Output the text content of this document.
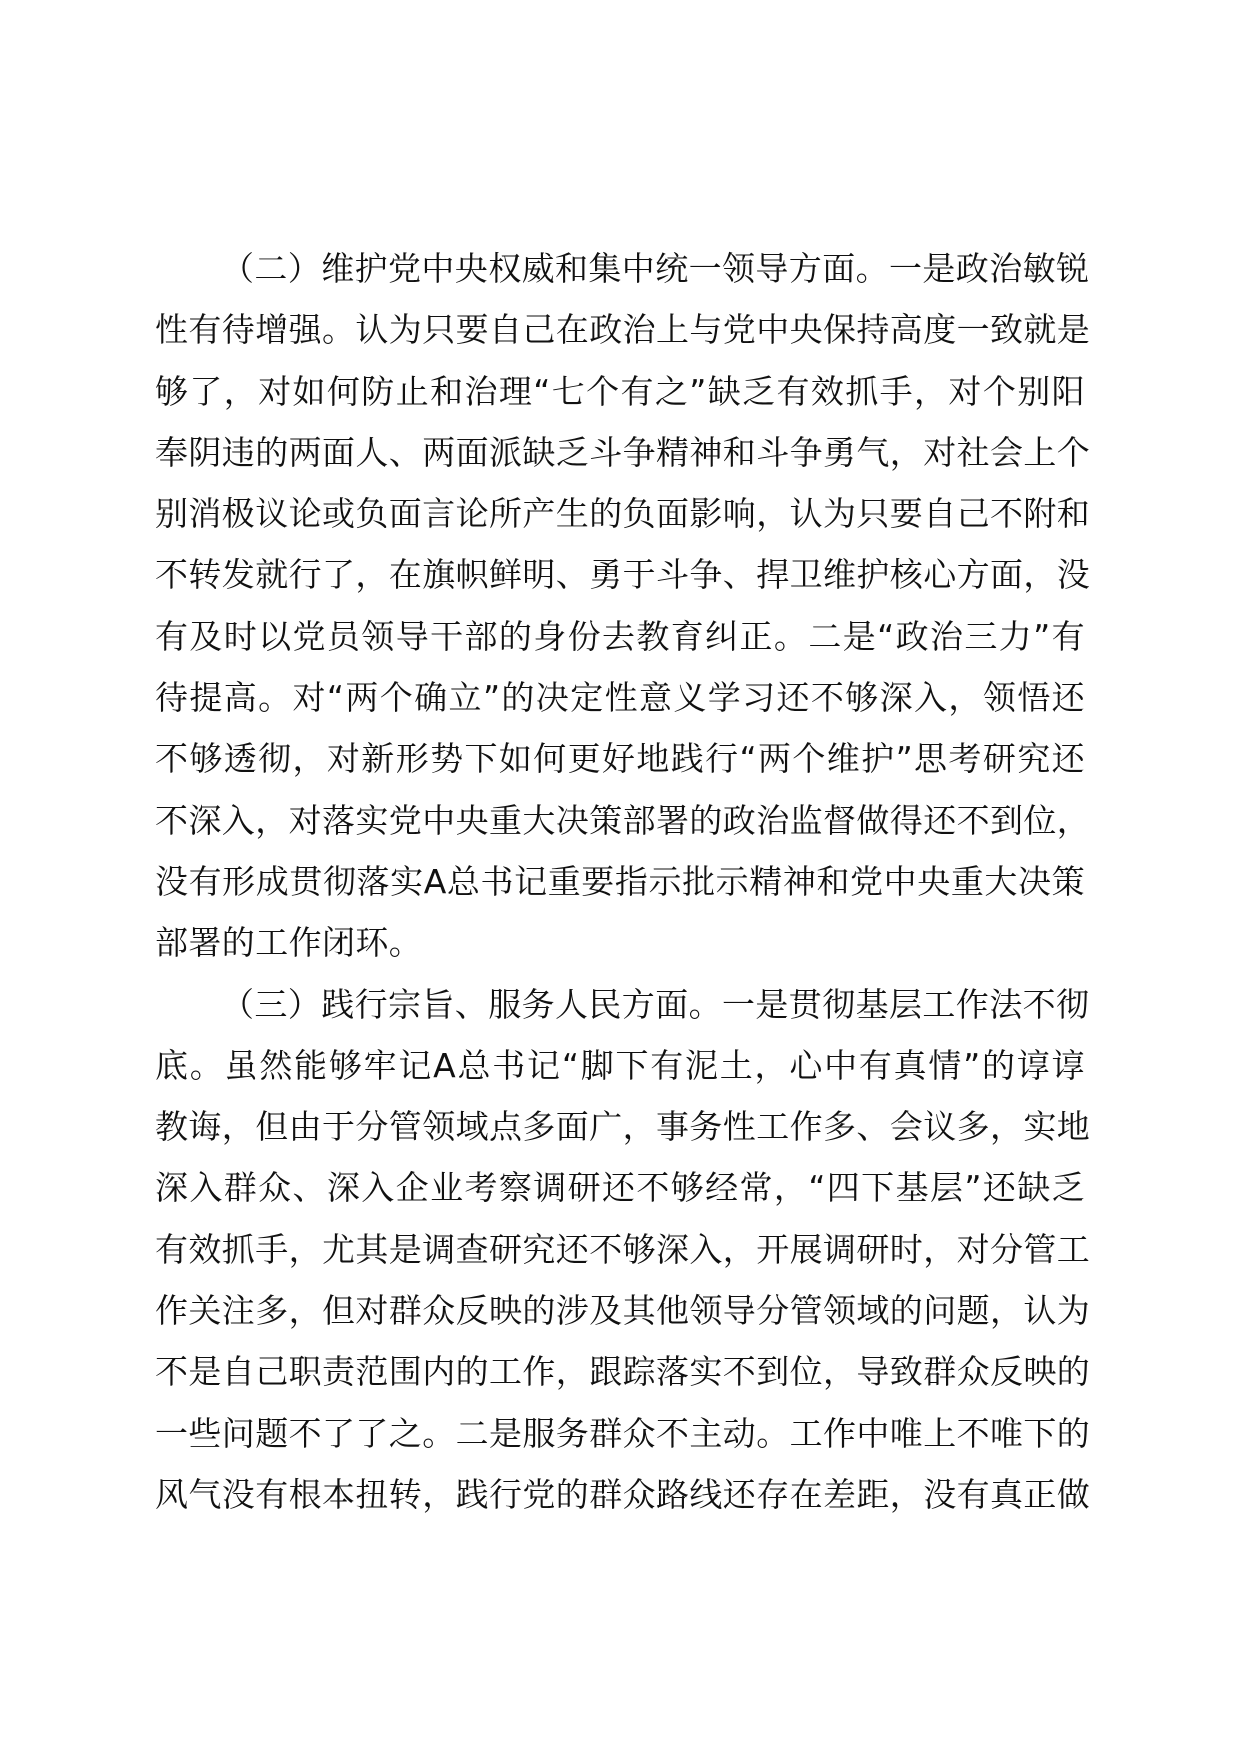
（二）维护党中央权威和集中统一领导方面。一是政治敏锐
性有待增强。认为只要自己在政治上与党中央保持高度一致就是
够了，对如何防止和治理“七个有之”缺乏有效抓手，对个别阳
奉阴违的两面人、两面派缺乏斗争精神和斗争勇气，对社会上个
别消极议论或负面言论所产生的负面影响，认为只要自己不附和
不转发就行了，在旗帜鲜明、勇于斗争、捍卫维护核心方面，没
有及时以党员领导干部的身份去教育纠正。二是“政治三力”有
待提高。对“两个确立”的决定性意义学习还不够深入，领悟还
不够透彻，对新形势下如何更好地践行“两个维护”思考研究还
不深入，对落实党中央重大决策部署的政治监督做得还不到位，
没有形成贯彻落实A总书记重要指示批示精神和党中央重大决策
部署的工作闭环。
（三）践行宗旨、服务人民方面。一是贯彻基层工作法不彻
底。虽然能够牢记A总书记“脚下有泥土，心中有真情”的谆谆
教诲，但由于分管领域点多面广，事务性工作多、会议多，实地
深入群众、深入企业考察调研还不够经常，“四下基层”还缺乏
有效抓手，尤其是调查研究还不够深入，开展调研时，对分管工
作关注多，但对群众反映的涉及其他领导分管领域的问题，认为
不是自己职责范围内的工作，跟踪落实不到位，导致群众反映的
一些问题不了了之。二是服务群众不主动。工作中唯上不唯下的
风气没有根本扭转，践行党的群众路线还存在差距，没有真正做
